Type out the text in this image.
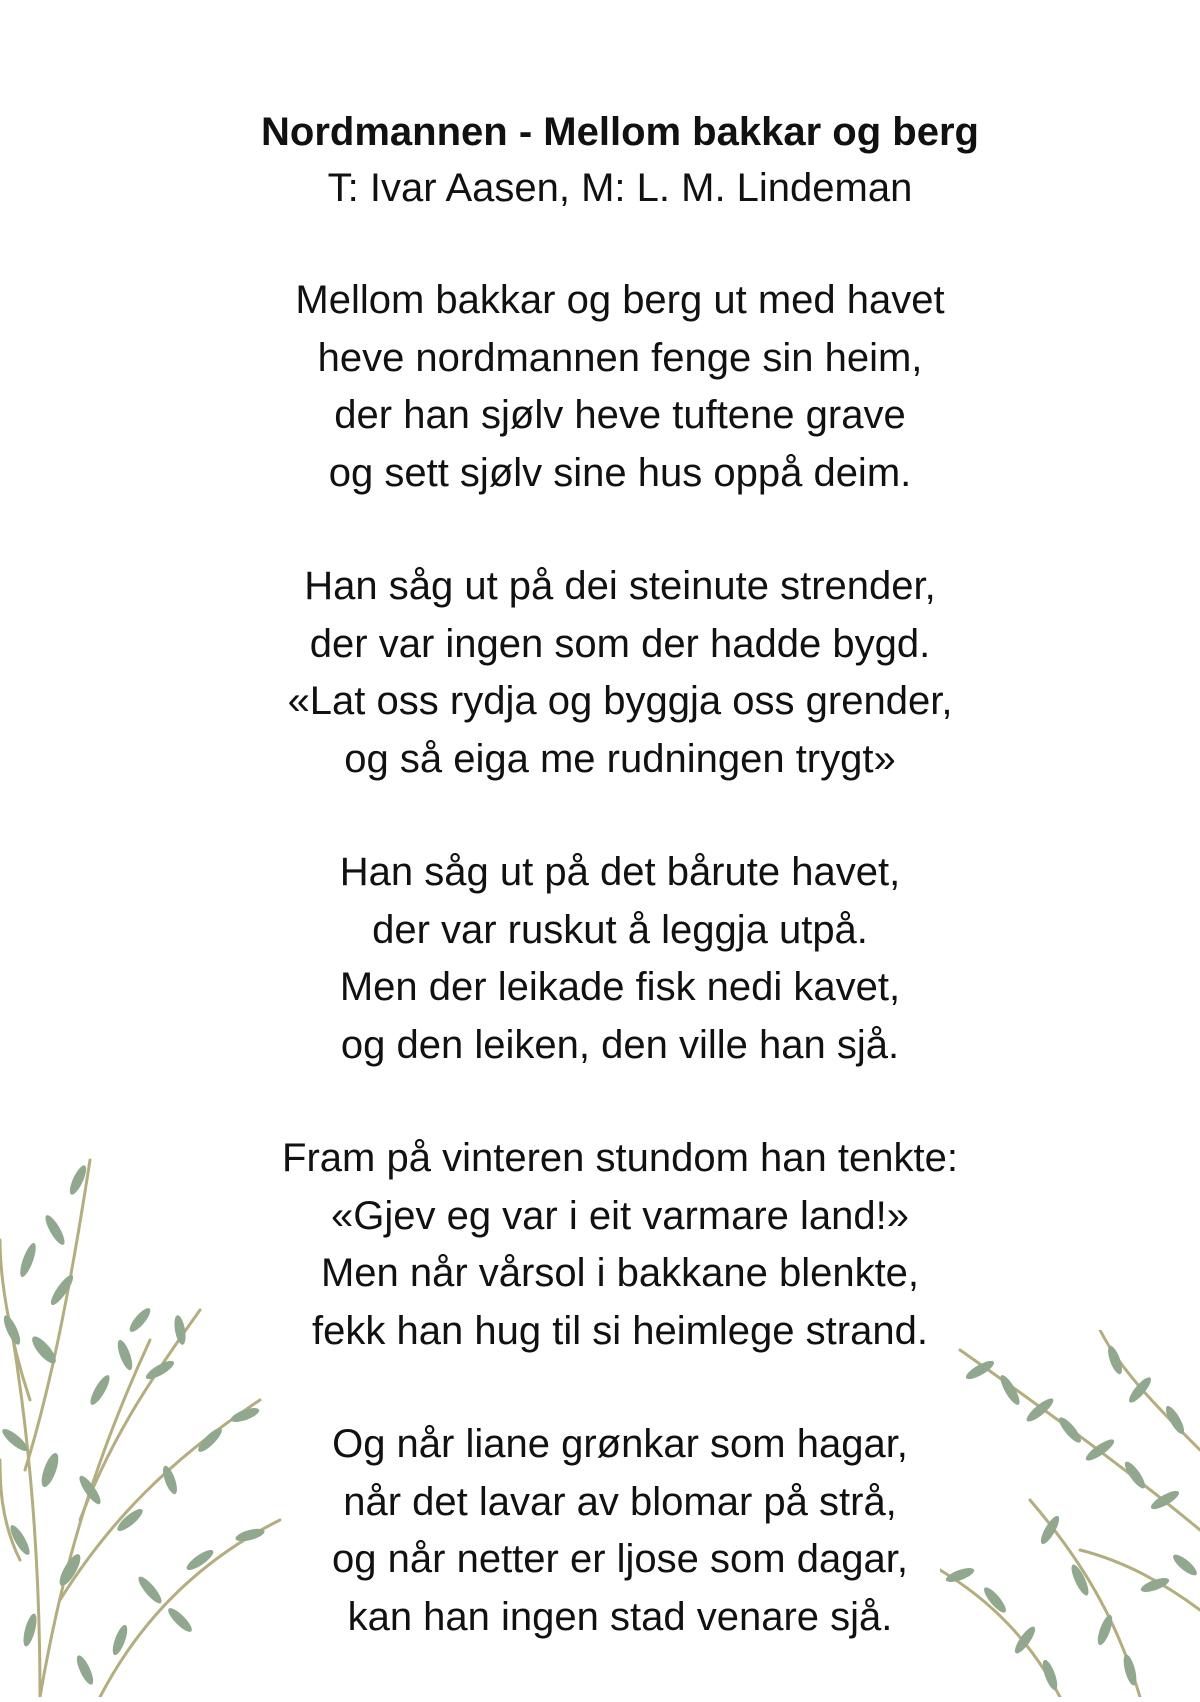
Nordmannen - Mellom bakkar og berg
T: Ivar Aasen, M: L. M. Lindeman
Mellom bakkar og berg ut med havet
heve nordmannen fenge sin heim,
der han sjølv heve tuftene grave
og sett sjølv sine hus oppå deim.
Han såg ut på dei steinute strender,
der var ingen som der hadde bygd.
«Lat oss rydja og byggja oss grender,
og så eiga me rudningen trygt»
Han såg ut på det bårute havet,
der var ruskut å leggja utpå.
Men der leikade fisk nedi kavet,
og den leiken, den ville han sjå.
Fram på vinteren stundom han tenkte:
«Gjev eg var i eit varmare land!»
Men når vårsol i bakkane blenkte,
fekk han hug til si heimlege strand.
Og når liane grønkar som hagar,
når det lavar av blomar på strå,
og når netter er ljose som dagar,
kan han ingen stad venare sjå.
